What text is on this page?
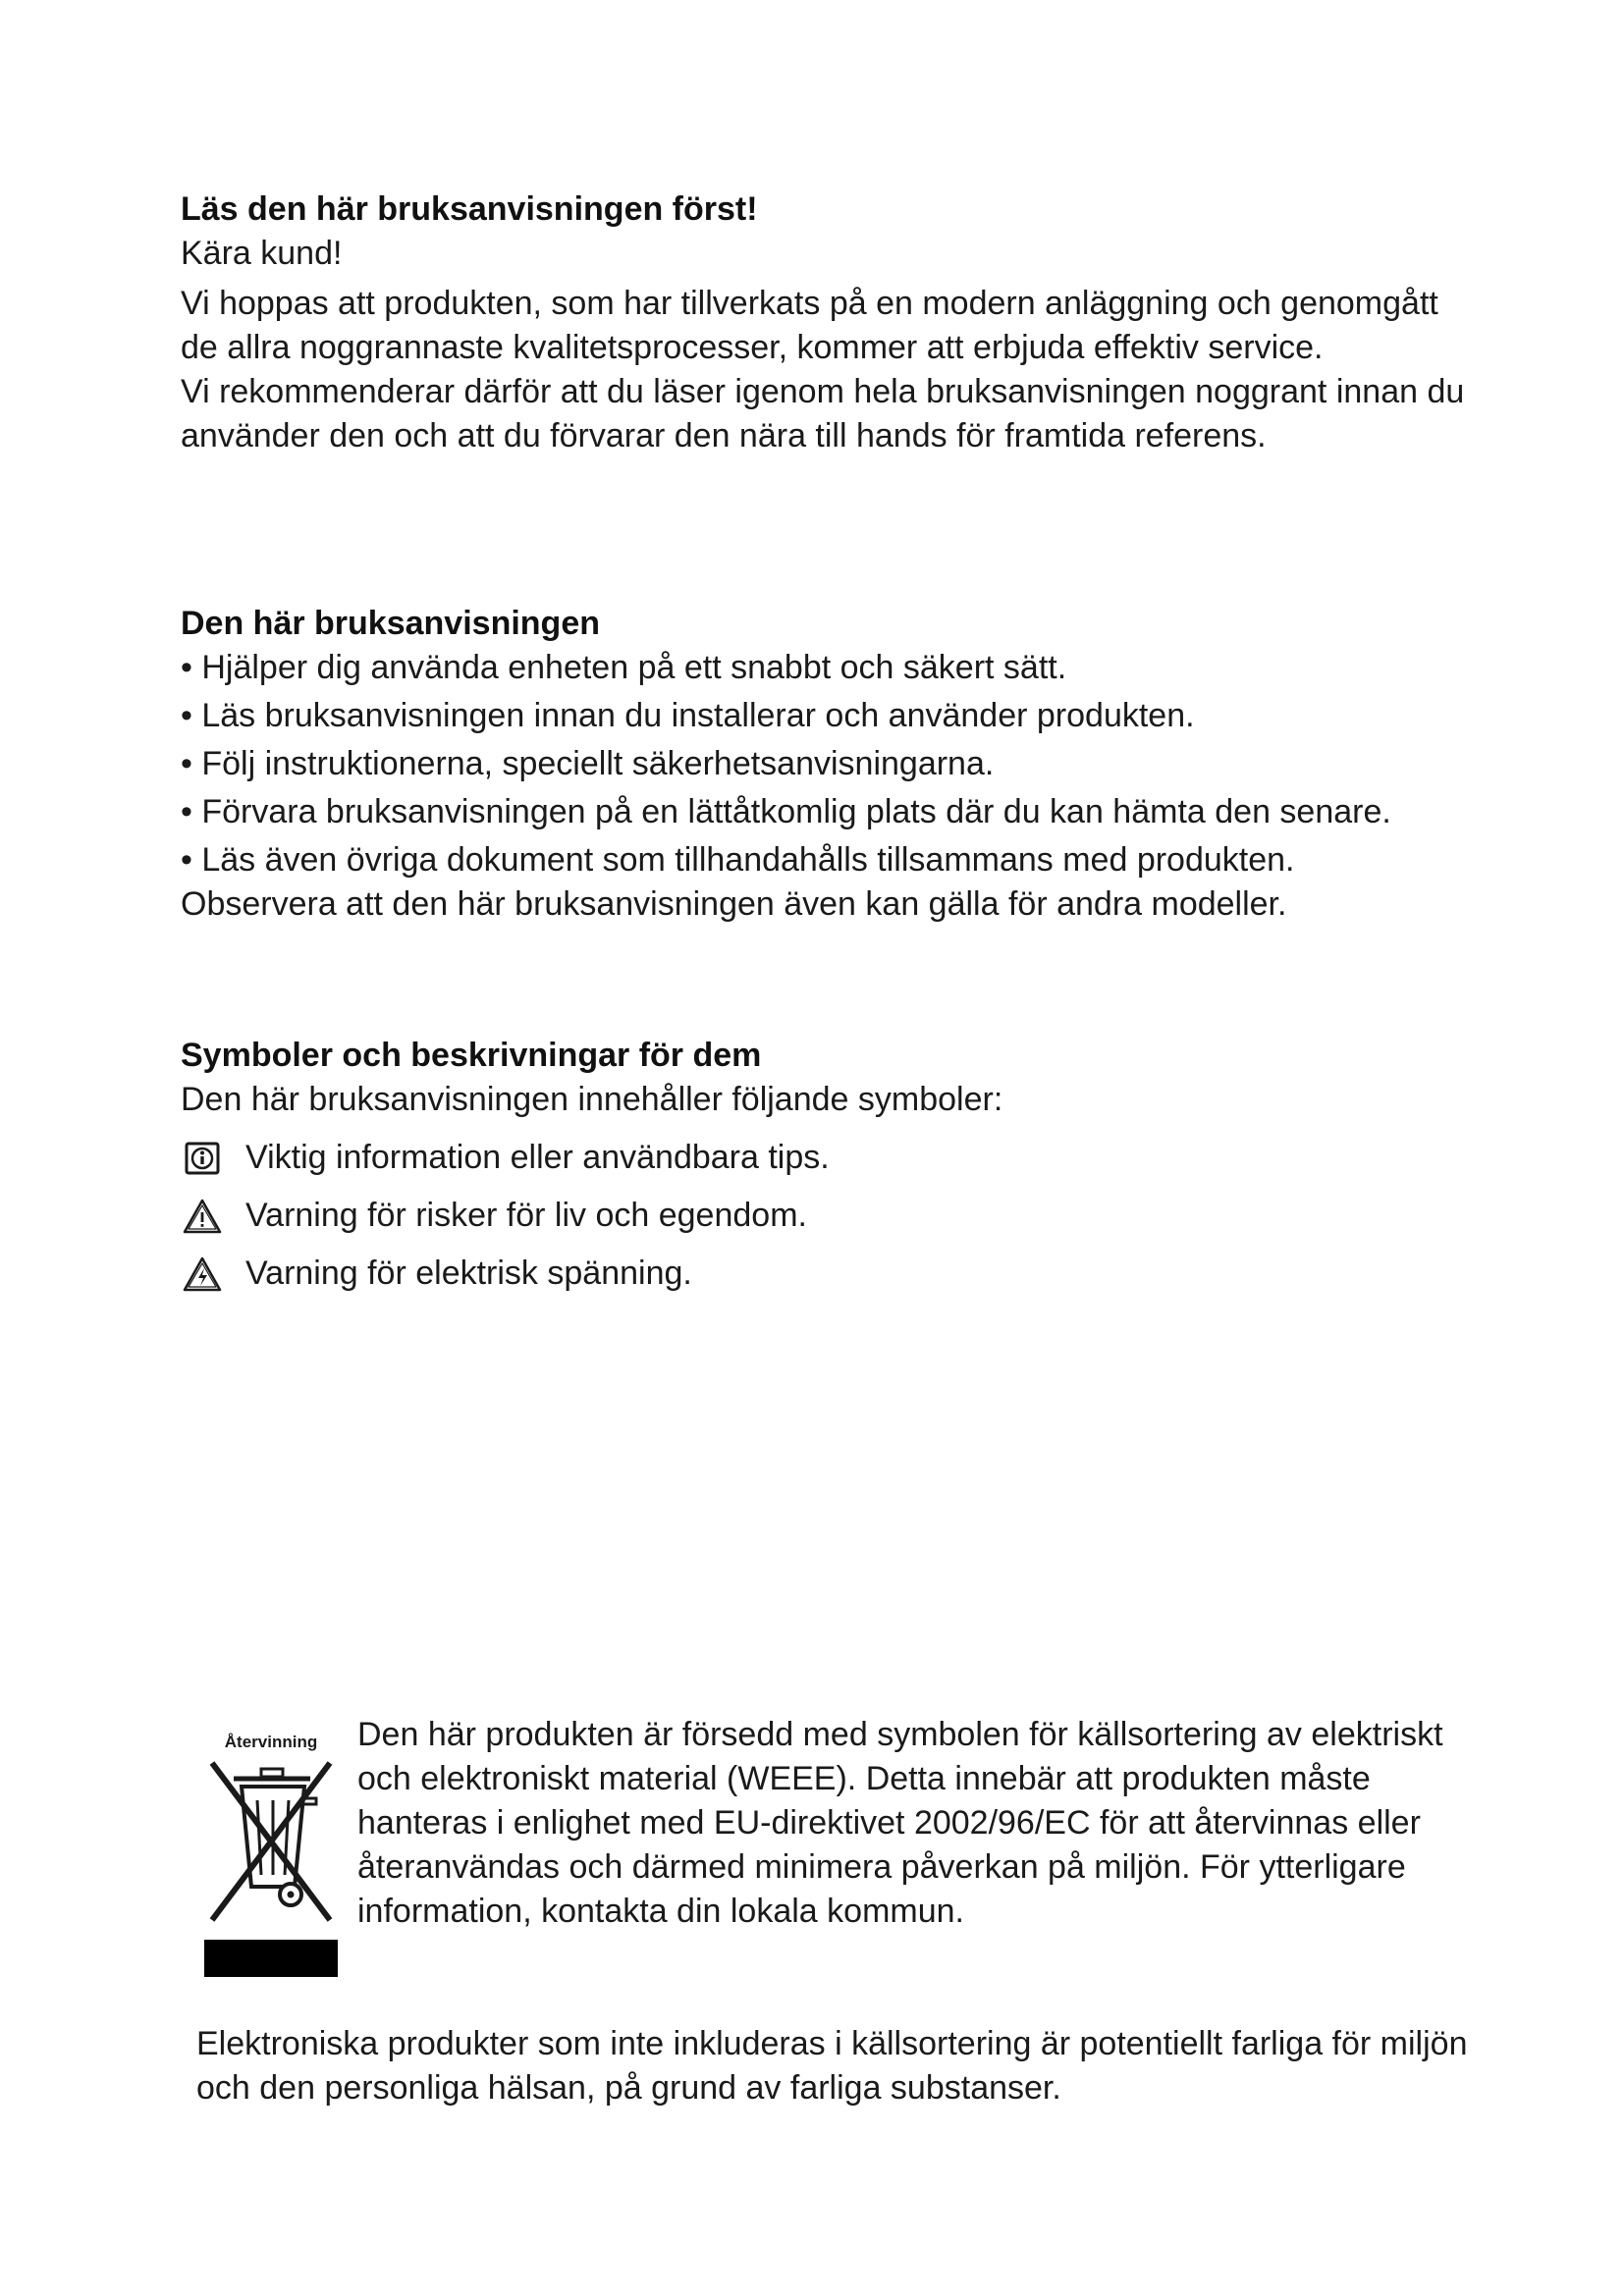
Läs den här bruksanvisningen först!

Kära kund!

Vi hoppas att produkten, som har tillverkats på en modern anläggning och genomgått de allra noggrannaste kvalitetsprocesser, kommer att erbjuda effektiv service.

Vi rekommenderar därför att du läser igenom hela bruksanvisningen noggrant innan du använder den och att du förvarar den nära till hands för framtida referens.

Den här bruksanvisningen
• Hjälper dig använda enheten på ett snabbt och säkert sätt.
• Läs bruksanvisningen innan du installerar och använder produkten.
• Följ instruktionerna, speciellt säkerhetsanvisningarna.
• Förvara bruksanvisningen på en lättåtkomlig plats där du kan hämta den senare.
• Läs även övriga dokument som tillhandahålls tillsammans med produkten.

Observera att den här bruksanvisningen även kan gälla för andra modeller.

Symboler och beskrivningar för dem

Den här bruksanvisningen innehåller följande symboler:

Viktig information eller användbara tips.
Varning för risker för liv och egendom.
Varning för elektrisk spänning.
Återvinning Den här produkten är försedd med symbolen för källsortering av elektriskt och elektroniskt material (WEEE). Detta innebär att produkten måste hanteras i enlighet med EU-direktivet 2002/96/EC för att återvinnas eller återanvändas och därmed minimera påverkan på miljön. För ytterligare information, kontakta din lokala kommun.
Elektroniska produkter som inte inkluderas i källsortering är potentiellt farliga för miljön och den personliga hälsan, på grund av farliga substanser.
